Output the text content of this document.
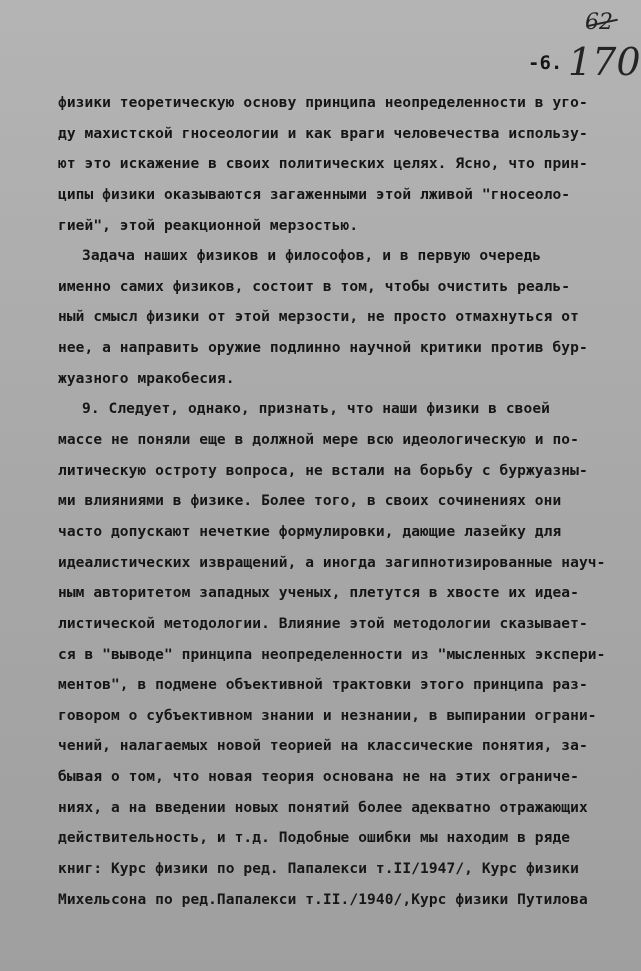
62
170
-6.
физики теоретическую основу принципа неопределенности в уго-
ду махистской гносеологии и как враги человечества использу-
ют это искажение в своих политических целях. Ясно, что прин-
ципы физики оказываются загаженными этой лживой "гносеоло-
гией", этой реакционной мерзостью.
Задача наших физиков и философов, и в первую очередь
именно самих физиков, состоит в том, чтобы очистить реаль-
ный смысл физики от этой мерзости, не просто отмахнуться от
нее, а направить оружие подлинно научной критики против бур-
жуазного мракобесия.
9. Следует, однако, признать, что наши физики в своей
массе не поняли еще в должной мере всю идеологическую и по-
литическую остроту вопроса, не встали на борьбу с буржуазны-
ми влияниями в физике. Более того, в своих сочинениях они
часто допускают нечеткие формулировки, дающие лазейку для
идеалистических извращений, а иногда загипнотизированные науч-
ным авторитетом западных ученых, плетутся в хвосте их идеа-
листической методологии. Влияние этой методологии сказывает-
ся в "выводе" принципа неопределенности из "мысленных экспери-
ментов", в подмене объективной трактовки этого принципа раз-
говором о субъективном знании и незнании, в выпирании ограни-
чений, налагаемых новой теорией на классические понятия, за-
бывая о том, что новая теория основана не на этих ограниче-
ниях, а на введении новых понятий более адекватно отражающих
действительность, и т.д. Подобные ошибки мы находим в ряде
книг: Курс физики по ред. Папалекси т.II/1947/, Курс физики
Михельсона по ред.Папалекси т.II./1940/,Курс физики Путилова
